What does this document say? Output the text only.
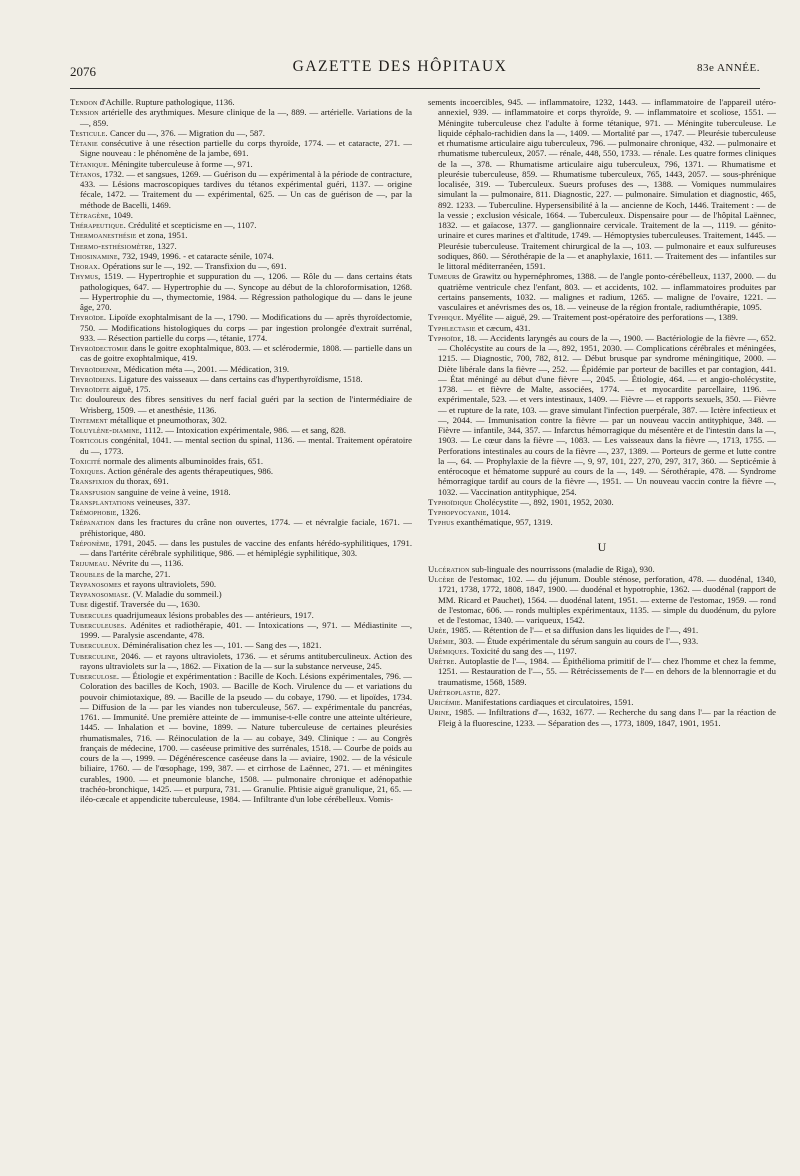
2076	GAZETTE DES HÔPITAUX	83e ANNÉE.

Tendon d'Achille. Rupture pathologique, 1136.

Tension artérielle des arythmiques. Mesure clinique de la —, 889. — artérielle. Variations de la —, 859.

Testicule. Cancer du —, 376. — Migration du —, 587.

Tétanie consécutive à une résection partielle du corps thyroïde, 1774. — et cataracte, 271. — Signe nouveau : le phénomène de la jambe, 691.

Tétanique. Méningite tuberculeuse à forme —, 971.

Tétanos, 1732. — et sangsues, 1269. — Guérison du — expérimental à la période de contracture, 433. — Lésions macroscopiques tardives du tétanos expérimental guéri, 1137. — origine fécale, 1472. — Traitement du — expérimental, 625. — Un cas de guérison de —, par la méthode de Bacelli, 1469.

Tétragène, 1049.

Thérapeutique. Crédulité et scepticisme en —, 1107.

Thermoanesthésie et zona, 1951.

Thermo-esthésiomètre, 1327.

Thiosinamine, 732, 1949, 1996. - et cataracte sénile, 1074.

Thorax. Opérations sur le —, 192. — Transfixion du —, 691.

Thymus, 1519. — Hypertrophie et suppuration du —, 1206. — Rôle du — dans certains états pathologiques, 647. — Hypertrophie du —. Syncope au début de la chloroformisation, 1268. — Hypertrophie du —, thymectomie, 1984. — Régression pathologique du — dans le jeune âge, 270.

Thyroïde. Lipoïde exophtalmisant de la —, 1790. — Modifications du — après thyroïdectomie, 750. — Modifications histologiques du corps — par ingestion prolongée d'extrait surrénal, 933. — Résection partielle du corps —, tétanie, 1774.

Thyroïdectomie dans le goitre exophtalmique, 803. — et sclérodermie, 1808. — partielle dans un cas de goitre exophtalmique, 419.

Thyroïdienne, Médication méta —, 2001. — Médication, 319.

Thyroïdiens. Ligature des vaisseaux — dans certains cas d'hyperthyroïdisme, 1518.

Thyroïdite aiguë, 175.

Tic douloureux des fibres sensitives du nerf facial guéri par la section de l'intermédiaire de Wrisberg, 1509. — et anesthésie, 1136.

Tintement métallique et pneumothorax, 302.

Toluylène-diamine, 1112. — Intoxication expérimentale, 986. — et sang, 828.

Torticolis congénital, 1041. — mental section du spinal, 1136. — mental. Traitement opératoire du —, 1773.

Toxicité normale des aliments albuminoïdes frais, 651.

Toxiques. Action générale des agents thérapeutiques, 986.

Transfixion du thorax, 691.

Transfusion sanguine de veine à veine, 1918.

Transplantations veineuses, 337.

Trémophobie, 1326.

Trépanation dans les fractures du crâne non ouvertes, 1774. — et névralgie faciale, 1671. — préhistorique, 480.

Tréponème, 1791, 2045. — dans les pustules de vaccine des enfants hérédo-syphilitiques, 1791. — dans l'artérite cérébrale syphilitique, 986. — et hémiplégie syphilitique, 303.

Trijumeau. Névrite du —, 1136.

Troubles de la marche, 271.

Trypanosomes et rayons ultraviolets, 590.

Trypanosomiase. (V. Maladie du sommeil.)

Tube digestif. Traversée du —, 1630.

Tubercules quadrijumeaux lésions probables des — antérieurs, 1917.

Tuberculeuses. Adénites et radiothérapie, 401. — Intoxications —, 971. — Médiastinite —, 1999. — Paralysie ascendante, 478.

Tuberculeux. Déminéralisation chez les —, 101. — Sang des —, 1821.

Tuberculine, 2046. — et rayons ultraviolets, 1736. — et sérums antituberculineux. Action des rayons ultraviolets sur la —, 1862. — Fixation de la — sur la substance nerveuse, 245.

Tuberculose. — Étiologie et expérimentation : Bacille de Koch. Lésions expérimentales, 796. — Coloration des bacilles de Koch, 1903. — Bacille de Koch. Virulence du — et variations du pouvoir chimiotaxique, 89. — Bacille de la pseudo — du cobaye, 1790. — et lipoïdes, 1734. — Diffusion de la — par les viandes non tuberculeuse, 567. — expérimentale du pancréas, 1761. — Immunité. Une première atteinte de — immunise-t-elle contre une atteinte ultérieure, 1445. — Inhalation et — bovine, 1899. — Nature tuberculeuse de certaines pleurésies rhumatismales, 716. — Réinoculation de la — au cobaye, 349. Clinique : — au Congrès français de médecine, 1700. — caséeuse primitive des surrénales, 1518. — Courbe de poids au cours de la —, 1999. — Dégénérescence caséeuse dans la — aviaire, 1902. — de la vésicule biliaire, 1760. — de l'œsophage, 199, 387. — et cirrhose de Laënnec, 271. — et méningites curables, 1900. — et pneumonie blanche, 1508. — pulmonaire chronique et adénopathie trachéo-bronchique, 1425. — et purpura, 731. — Granulie. Phtisie aiguë granulique, 21, 65. — iléo-cæcale et appendicite tuberculeuse, 1984. — Infiltrante d'un lobe cérébelleux. Vomis-

sements incoercibles, 945. — inflammatoire, 1232, 1443. — inflammatoire de l'appareil utéro-annexiel, 939. — inflammatoire et corps thyroïde, 9. — inflammatoire et scoliose, 1551. — Méningite tuberculeuse chez l'adulte à forme tétanique, 971. — Méningite tuberculeuse. Le liquide céphalo-rachidien dans la —, 1409. — Mortalité par —, 1747. — Pleurésie tuberculeuse et rhumatisme articulaire aigu tuberculeux, 796. — pulmonaire chronique, 432. — pulmonaire et rhumatisme tuberculeux, 2057. — rénale, 448, 550, 1733. — rénale. Les quatre formes cliniques de la —, 378. — Rhumatisme articulaire aigu tuberculeux, 796, 1371. — Rhumatisme et pleurésie tuberculeuse, 859. — Rhumatisme tuberculeux, 765, 1443, 2057. — sous-phrénique localisée, 319. — Tuberculeux. Sueurs profuses des —, 1388. — Vomiques nummulaires simulant la — pulmonaire, 811. Diagnostic, 227. — pulmonaire. Simulation et diagnostic, 465, 892. 1233. — Tuberculine. Hypersensibilité à la — ancienne de Koch, 1446. Traitement : — de la vessie ; exclusion vésicale, 1664. — Tuberculeux. Dispensaire pour — de l'hôpital Laënnec, 1832. — et gaïacose, 1377. — ganglionnaire cervicale. Traitement de la —, 1119. — génito-urinaire et cures marines et d'altitude, 1749. — Hémoptysies tuberculeuses. Traitement, 1445. — Pleurésie tuberculeuse. Traitement chirurgical de la —, 103. — pulmonaire et eaux sulfureuses sodiques, 860. — Sérothérapie de la — et anaphylaxie, 1611. — Traitement des — infantiles sur le littoral méditerranéen, 1591.

Tumeurs de Grawitz ou hypernéphromes, 1388. — de l'angle ponto-cérébelleux, 1137, 2000. — du quatrième ventricule chez l'enfant, 803. — et accidents, 102. — inflammatoires produites par certains pansements, 1032. — malignes et radium, 1265. — maligne de l'ovaire, 1221. — vasculaires et anévrismes des os, 18. — veineuse de la région frontale, radiumthérapie, 1095.

Typhique. Myélite — aiguë, 29. — Traitement post-opératoire des perforations —, 1389.

Typhlectasie et cæcum, 431.

Typhoïde, 18. — Accidents laryngés au cours de la —, 1900. — Bactériologie de la fièvre —, 652. — Cholécystite au cours de la —, 892, 1951, 2030. — Complications cérébrales et méningées, 1215. — Diagnostic, 700, 782, 812. — Début brusque par syndrome méningitique, 2000. — Diète libérale dans la fièvre —, 252. — Épidémie par porteur de bacilles et par contagion, 441. — État méningé au début d'une fièvre —, 2045. — Étiologie, 464. — et angio-cholécystite, 1738. — et fièvre de Malte, associées, 1774. — et myocardite parcellaire, 1196. — expérimentale, 523. — et vers intestinaux, 1409. — Fièvre — et rapports sexuels, 350. — Fièvre — et rupture de la rate, 103. — grave simulant l'infection puerpérale, 387. — Ictère infectieux et —, 2044. — Immunisation contre la fièvre — par un nouveau vaccin antityphique, 348. — Fièvre — infantile, 344, 357. — Infarctus hémorragique du mésentère et de l'intestin dans la —, 1903. — Le cœur dans la fièvre —, 1083. — Les vaisseaux dans la fièvre —, 1713, 1755. — Perforations intestinales au cours de la fièvre —, 237, 1389. — Porteurs de germe et lutte contre la —, 64. — Prophylaxie de la fièvre —, 9, 97, 101, 227, 270, 297, 317, 360. — Septicémie à entérocoque et hématome suppuré au cours de la —, 149. — Sérothérapie, 478. — Syndrome hémorragique tardif au cours de la fièvre —, 1951. — Un nouveau vaccin contre la fièvre —, 1032. — Vaccination antityphique, 254.

Typhoïdique Cholécystite —, 892, 1901, 1952, 2030.

Typhopyocyanie, 1014.

Typhus exanthématique, 957, 1319.

U

Ulcération sub-linguale des nourrissons (maladie de Riga), 930.

Ulcère de l'estomac, 102. — du jéjunum. Double sténose, perforation, 478. — duodénal, 1340, 1721, 1738, 1772, 1808, 1847, 1900. — duodénal et hypotrophie, 1362. — duodénal (rapport de MM. Ricard et Pauchet), 1564. — duodénal latent, 1951. — externe de l'estomac, 1959. — rond de l'estomac, 606. — ronds multiples expérimentaux, 1135. — simple du duodénum, du pylore et de l'estomac, 1340. — variqueux, 1542.

Urée, 1985. — Rétention de l'— et sa diffusion dans les liquides de l'—, 491.

Urémie, 303. — Étude expérimentale du sérum sanguin au cours de l'—, 933.

Urémiques. Toxicité du sang des —, 1197.

Urètre. Autoplastie de l'—, 1984. — Épithélioma primitif de l'— chez l'homme et chez la femme, 1251. — Restauration de l'—, 55. — Rétrécissements de l'— en dehors de la blennorragie et du traumatisme, 1568, 1589.

Urétroplastie, 827.

Uricémie. Manifestations cardiaques et circulatoires, 1591.

Urine, 1985. — Infiltrations d'—, 1632, 1677. — Recherche du sang dans l'— par la réaction de Fleig à la fluorescine, 1233. — Séparation des —, 1773, 1809, 1847, 1901, 1951.
